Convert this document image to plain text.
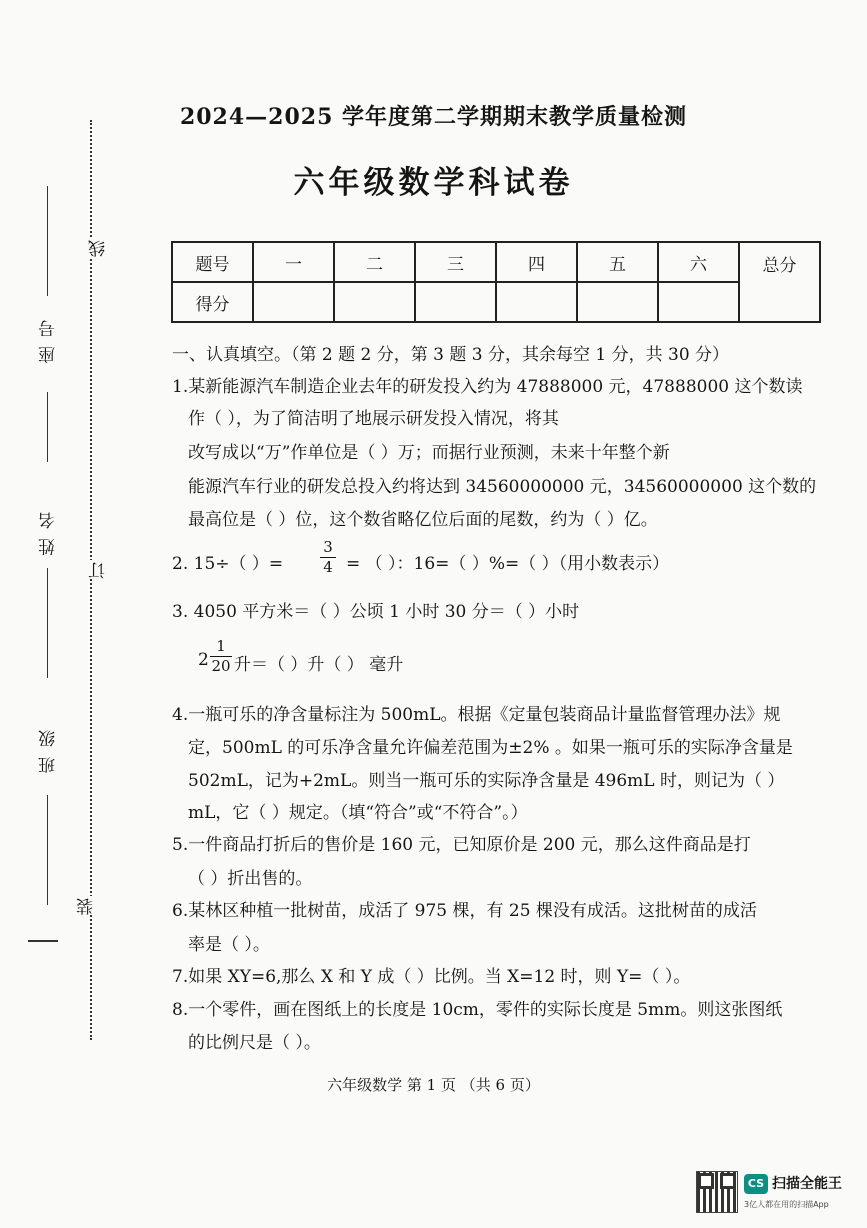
线
订
装
座 号
姓 名
班 级
2024—2025 学年度第二学期期末教学质量检测
六年级数学科试卷
题号	一	二	三	四	五	六	总分
得分							
一、认真填空。（第 2 题 2 分，第 3 题 3 分，其余每空 1 分，共 30 分）
1.某新能源汽车制造企业去年的研发投入约为 47888000 元，47888000 这个数读
作（ ），为了简洁明了地展示研发投入情况，将其
改写成以“万”作单位是（ ）万；而据行业预测，未来十年整个新
能源汽车行业的研发总投入约将达到 34560000000 元，34560000000 这个数的
最高位是（ ）位，这个数省略亿位后面的尾数，约为（ ）亿。
2. 15÷（ ）=
3
4 = （ ）：16=（ ）%=（ ）（用小数表示）
3. 4050 平方米＝（ ）公顷 1 小时 30 分＝（ ）小时
2
1
20 升＝（ ）升（ ） 毫升
4.一瓶可乐的净含量标注为 500mL。根据《定量包装商品计量监督管理办法》规
定，500mL 的可乐净含量允许偏差范围为±2% 。如果一瓶可乐的实际净含量是
502mL，记为+2mL。则当一瓶可乐的实际净含量是 496mL 时，则记为（ ）
mL，它（ ）规定。（填“符合”或“不符合”。）
5.一件商品打折后的售价是 160 元，已知原价是 200 元，那么这件商品是打
（ ）折出售的。
6.某林区种植一批树苗，成活了 975 棵，有 25 棵没有成活。这批树苗的成活
率是（ ）。
7.如果 XY=6,那么 X 和 Y 成（ ）比例。当 X=12 时，则 Y=（ ）。
8.一个零件，画在图纸上的长度是 10cm，零件的实际长度是 5mm。则这张图纸
的比例尺是（ ）。
六年级数学 第 1 页 （共 6 页）
CS 扫描全能王
3亿人都在用的扫描App
